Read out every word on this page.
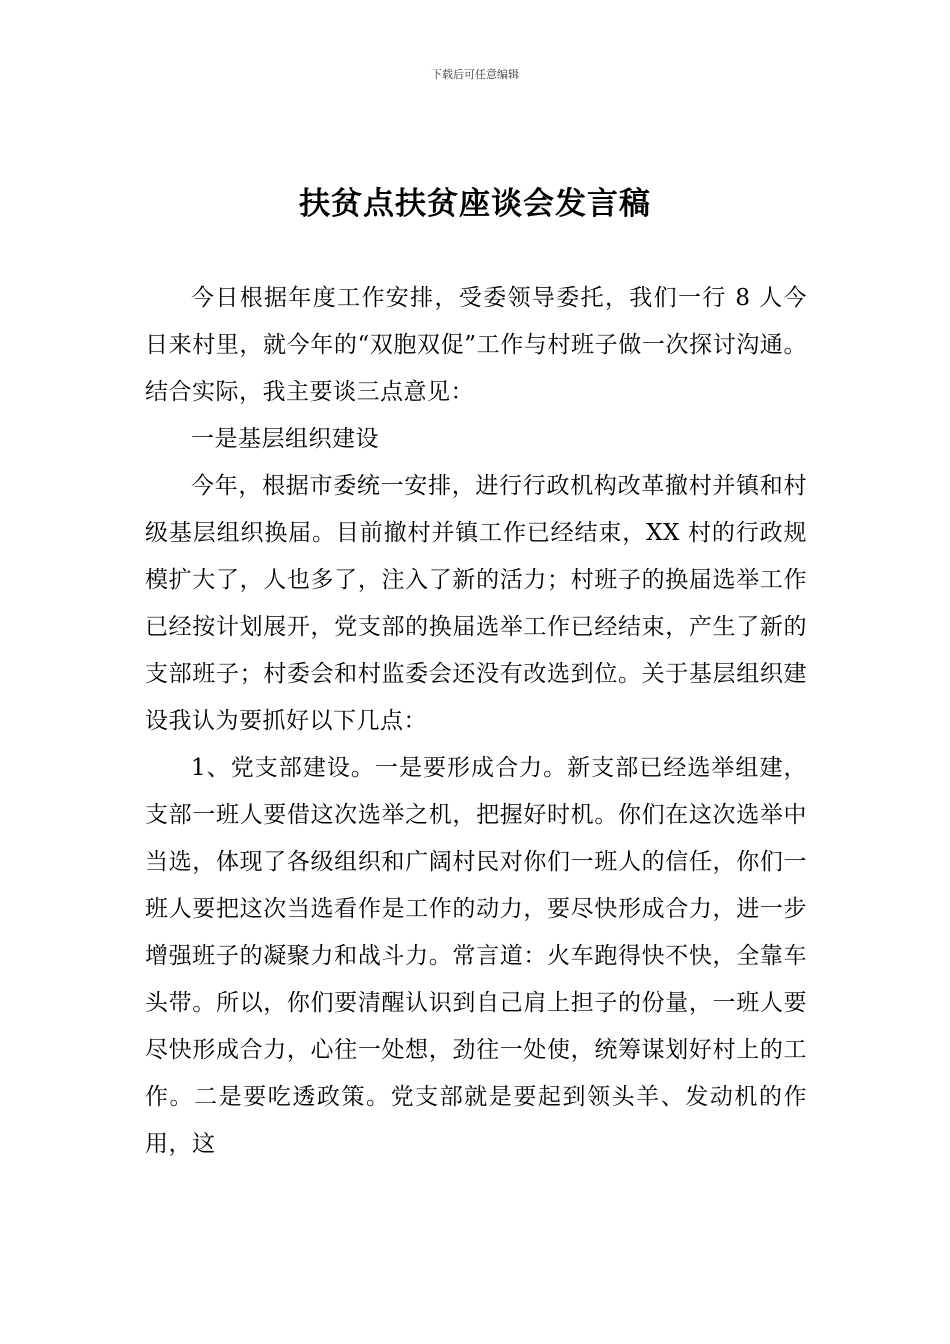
下载后可任意编辑
扶贫点扶贫座谈会发言稿

今日根据年度工作安排，受委领导委托，我们一行 8 人今日来村里，就今年的“双胞双促”工作与村班子做一次探讨沟通。结合实际，我主要谈三点意见：

一是基层组织建设

今年，根据市委统一安排，进行行政机构改革撤村并镇和村级基层组织换届。目前撤村并镇工作已经结束，XX 村的行政规模扩大了，人也多了，注入了新的活力；村班子的换届选举工作已经按计划展开，党支部的换届选举工作已经结束，产生了新的支部班子；村委会和村监委会还没有改选到位。关于基层组织建设我认为要抓好以下几点：

1、党支部建设。一是要形成合力。新支部已经选举组建，支部一班人要借这次选举之机，把握好时机。你们在这次选举中当选，体现了各级组织和广阔村民对你们一班人的信任，你们一班人要把这次当选看作是工作的动力，要尽快形成合力，进一步增强班子的凝聚力和战斗力。常言道：火车跑得快不快，全靠车头带。所以，你们要清醒认识到自己肩上担子的份量，一班人要尽快形成合力，心往一处想，劲往一处使，统筹谋划好村上的工作。二是要吃透政策。党支部就是要起到领头羊、发动机的作用，这
